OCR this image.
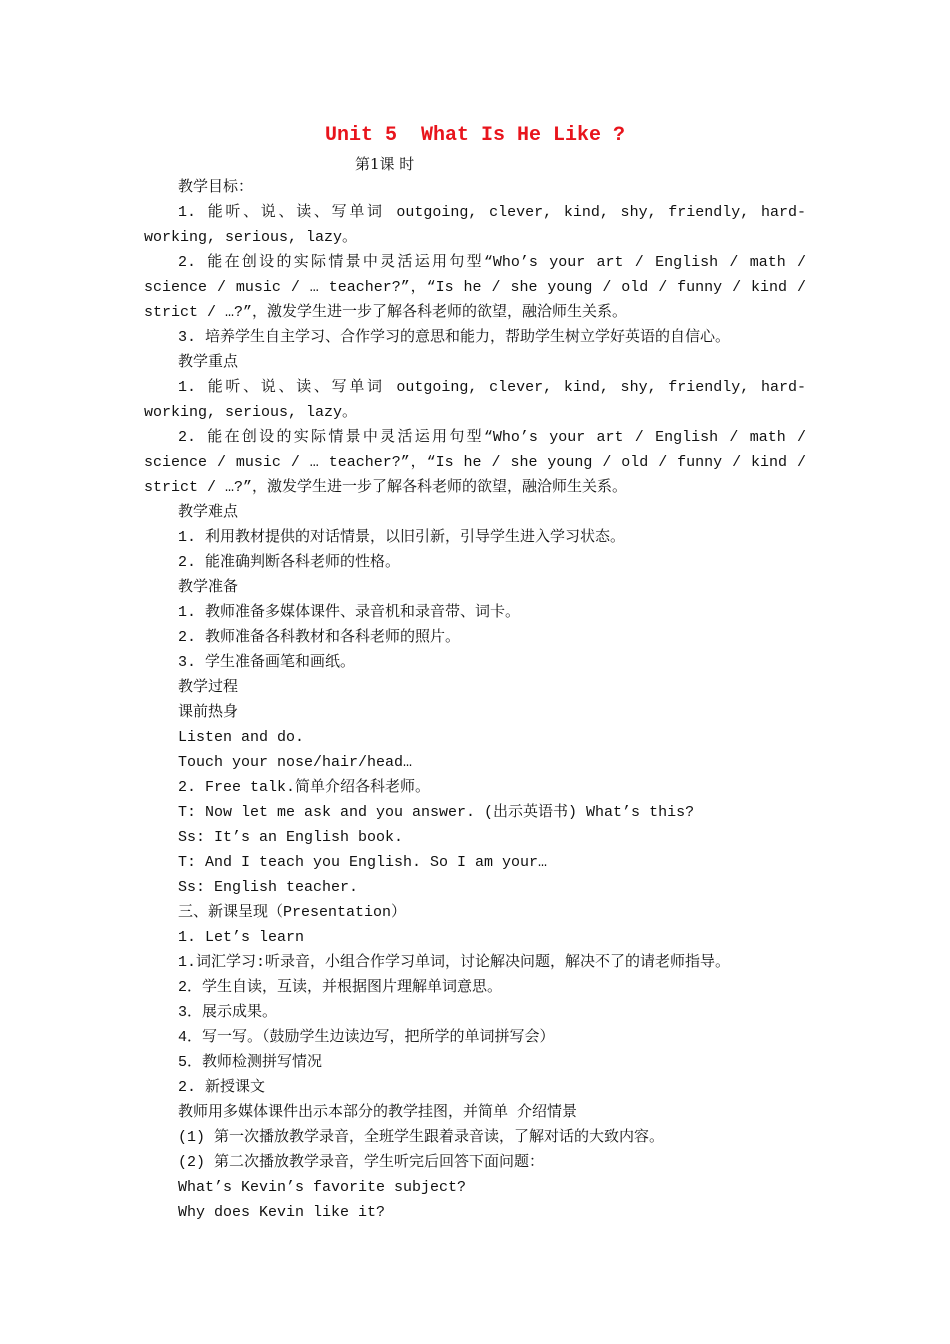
Unit 5  What Is He Like ?
第1课 时
教学目标：
1. 能听、说、读、写单词 outgoing, clever, kind, shy, friendly, hard-
working, serious, lazy。
2. 能在创设的实际情景中灵活运用句型“Who’s your art / English / math /
science / music / … teacher?”，“Is he / she young / old / funny / kind /
strict / …?”，激发学生进一步了解各科老师的欲望，融洽师生关系。
3. 培养学生自主学习、合作学习的意思和能力，帮助学生树立学好英语的自信心。
教学重点
1. 能听、说、读、写单词 outgoing, clever, kind, shy, friendly, hard-
working, serious, lazy。
2. 能在创设的实际情景中灵活运用句型“Who’s your art / English / math /
science / music / … teacher?”，“Is he / she young / old / funny / kind /
strict / …?”，激发学生进一步了解各科老师的欲望，融洽师生关系。
教学难点
1. 利用教材提供的对话情景，以旧引新，引导学生进入学习状态。
2. 能准确判断各科老师的性格。
教学准备
1. 教师准备多媒体课件、录音机和录音带、词卡。
2. 教师准备各科教材和各科老师的照片。
3. 学生准备画笔和画纸。
教学过程
课前热身
Listen and do.
Touch your nose/hair/head…
2. Free talk.简单介绍各科老师。
T: Now let me ask and you answer. (出示英语书) What’s this?
Ss: It’s an English book.
T: And I teach you English. So I am your…
Ss: English teacher.
三、新课呈现（Presentation）
1. Let’s learn
1.词汇学习:听录音，小组合作学习单词，讨论解决问题，解决不了的请老师指导。
2．学生自读，互读，并根据图片理解单词意思。
3．展示成果。
4．写一写。（鼓励学生边读边写，把所学的单词拼写会）
5．教师检测拼写情况
2. 新授课文
教师用多媒体课件出示本部分的教学挂图，并简单 介绍情景
(1) 第一次播放教学录音，全班学生跟着录音读，了解对话的大致内容。
(2) 第二次播放教学录音，学生听完后回答下面问题：
What’s Kevin’s favorite subject?
Why does Kevin like it?
